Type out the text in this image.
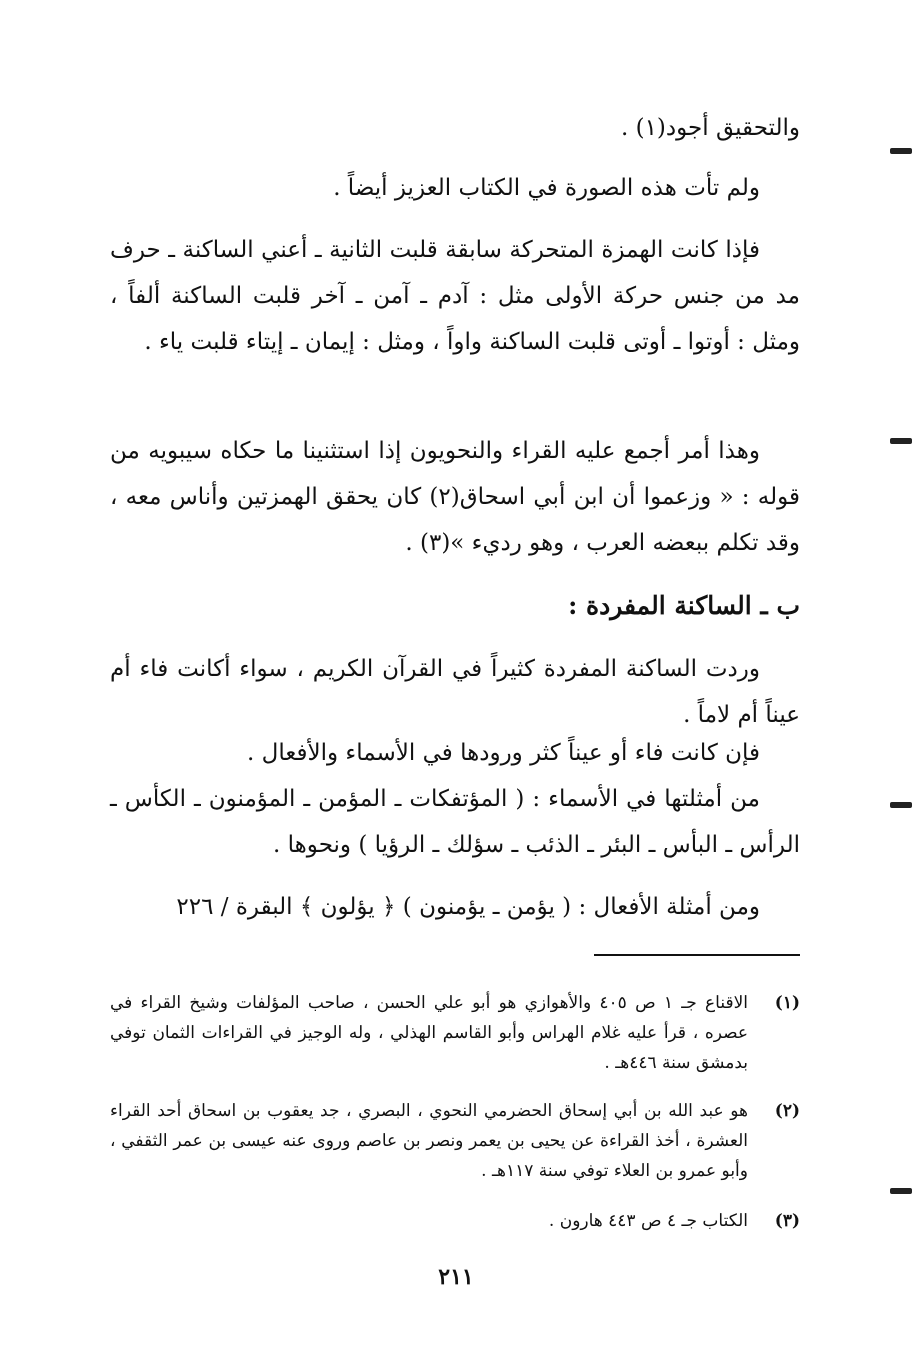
والتحقيق أجود(١) .
ولم تأت هذه الصورة في الكتاب العزيز أيضاً .
فإذا كانت الهمزة المتحركة سابقة قلبت الثانية ـ أعني الساكنة ـ حرف مد من جنس حركة الأولى مثل : آدم ـ آمن ـ آخر قلبت الساكنة ألفاً ، ومثل : أوتوا ـ أوتى قلبت الساكنة واواً ، ومثل : إيمان ـ إيتاء قلبت ياء .
وهذا أمر أجمع عليه القراء والنحويون إذا استثنينا ما حكاه سيبويه من قوله : « وزعموا أن ابن أبي اسحاق(٢) كان يحقق الهمزتين وأناس معه ، وقد تكلم ببعضه العرب ، وهو رديء »(٣) .
ب ـ الساكنة المفردة :
وردت الساكنة المفردة كثيراً في القرآن الكريم ، سواء أكانت فاء أم عيناً أم لاماً .
فإن كانت فاء أو عيناً كثر ورودها في الأسماء والأفعال .
من أمثلتها في الأسماء : ( المؤتفكات ـ المؤمن ـ المؤمنون ـ الكأس ـ الرأس ـ البأس ـ البئر ـ الذئب ـ سؤلك ـ الرؤيا ) ونحوها .
ومن أمثلة الأفعال : ( يؤمن ـ يؤمنون ) ﴿ يؤلون ﴾ البقرة / ٢٢٦
(١)
الاقناع جـ ١ ص ٤٠٥ والأهوازي هو أبو علي الحسن ، صاحب المؤلفات وشيخ القراء في عصره ، قرأ عليه غلام الهراس وأبو القاسم الهذلي ، وله الوجيز في القراءات الثمان توفي بدمشق سنة ٤٤٦هـ .
(٢)
هو عبد الله بن أبي إسحاق الحضرمي النحوي ، البصري ، جد يعقوب بن اسحاق أحد القراء العشرة ، أخذ القراءة عن يحيى بن يعمر ونصر بن عاصم وروى عنه عيسى بن عمر الثقفي ، وأبو عمرو بن العلاء توفي سنة ١١٧هـ .
(٣)
الكتاب جـ ٤ ص ٤٤٣ هارون .
٢١١
